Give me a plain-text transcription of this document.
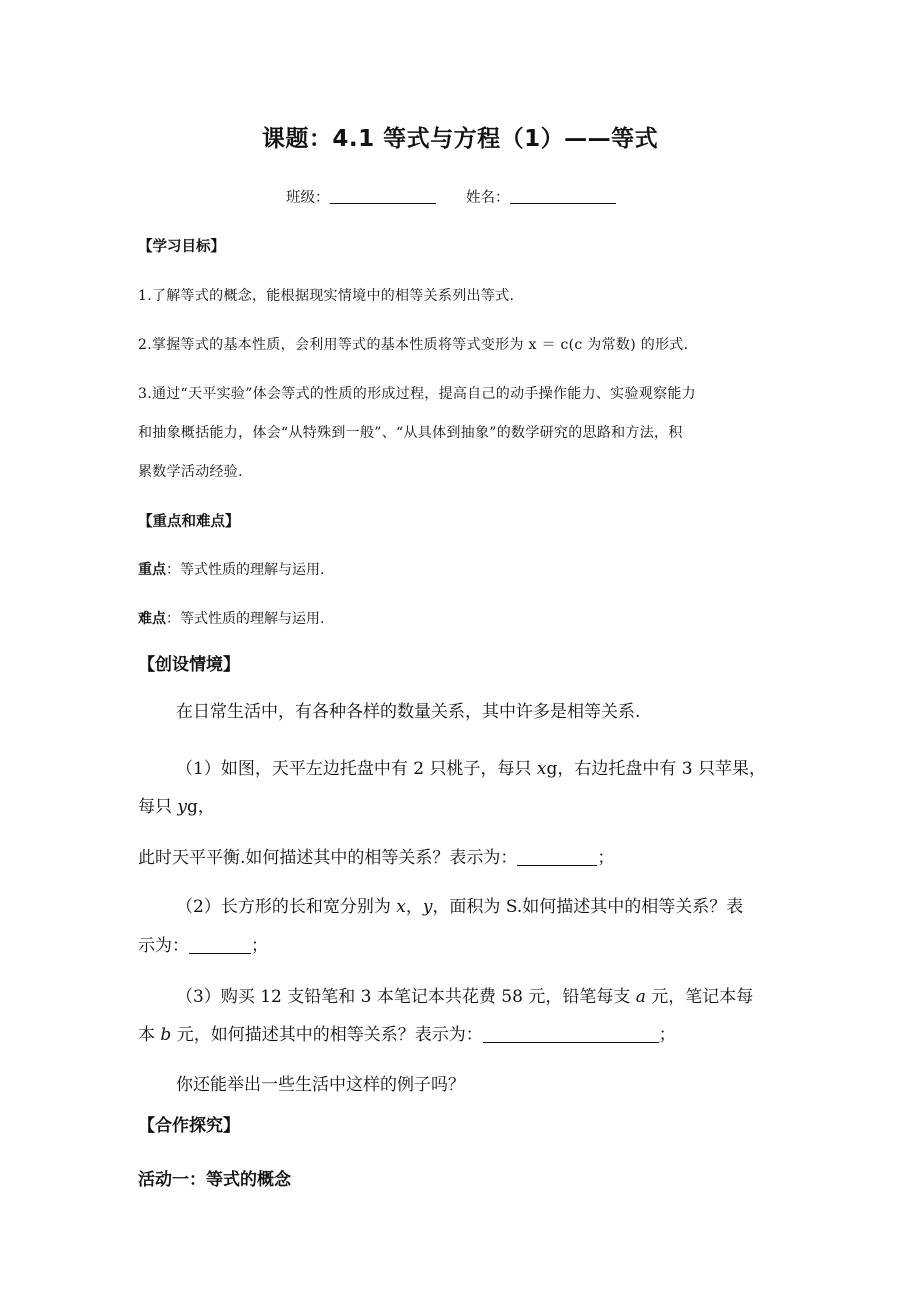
课题：4.1 等式与方程（1）——等式
班级：	姓名：
【学习目标】
1.了解等式的概念，能根据现实情境中的相等关系列出等式.
2.掌握等式的基本性质，会利用等式的基本性质将等式变形为 x ＝ c(c 为常数) 的形式.
3.通过“天平实验”体会等式的性质的形成过程，提高自己的动手操作能力、实验观察能力
和抽象概括能力，体会“从特殊到一般”、“从具体到抽象”的数学研究的思路和方法，积
累数学活动经验.
【重点和难点】
重点：等式性质的理解与运用.
难点：等式性质的理解与运用.
【创设情境】
在日常生活中，有各种各样的数量关系，其中许多是相等关系.
（1）如图，天平左边托盘中有 2 只桃子，每只 xg，右边托盘中有 3 只苹果，
每只 yg，
此时天平平衡.如何描述其中的相等关系？表示为：	；
（2）长方形的长和宽分别为 x，y，面积为 S.如何描述其中的相等关系？表
示为：	；
（3）购买 12 支铅笔和 3 本笔记本共花费 58 元，铅笔每支 a 元，笔记本每
本 b 元，如何描述其中的相等关系？表示为：	；
你还能举出一些生活中这样的例子吗？
【合作探究】
活动一：等式的概念
